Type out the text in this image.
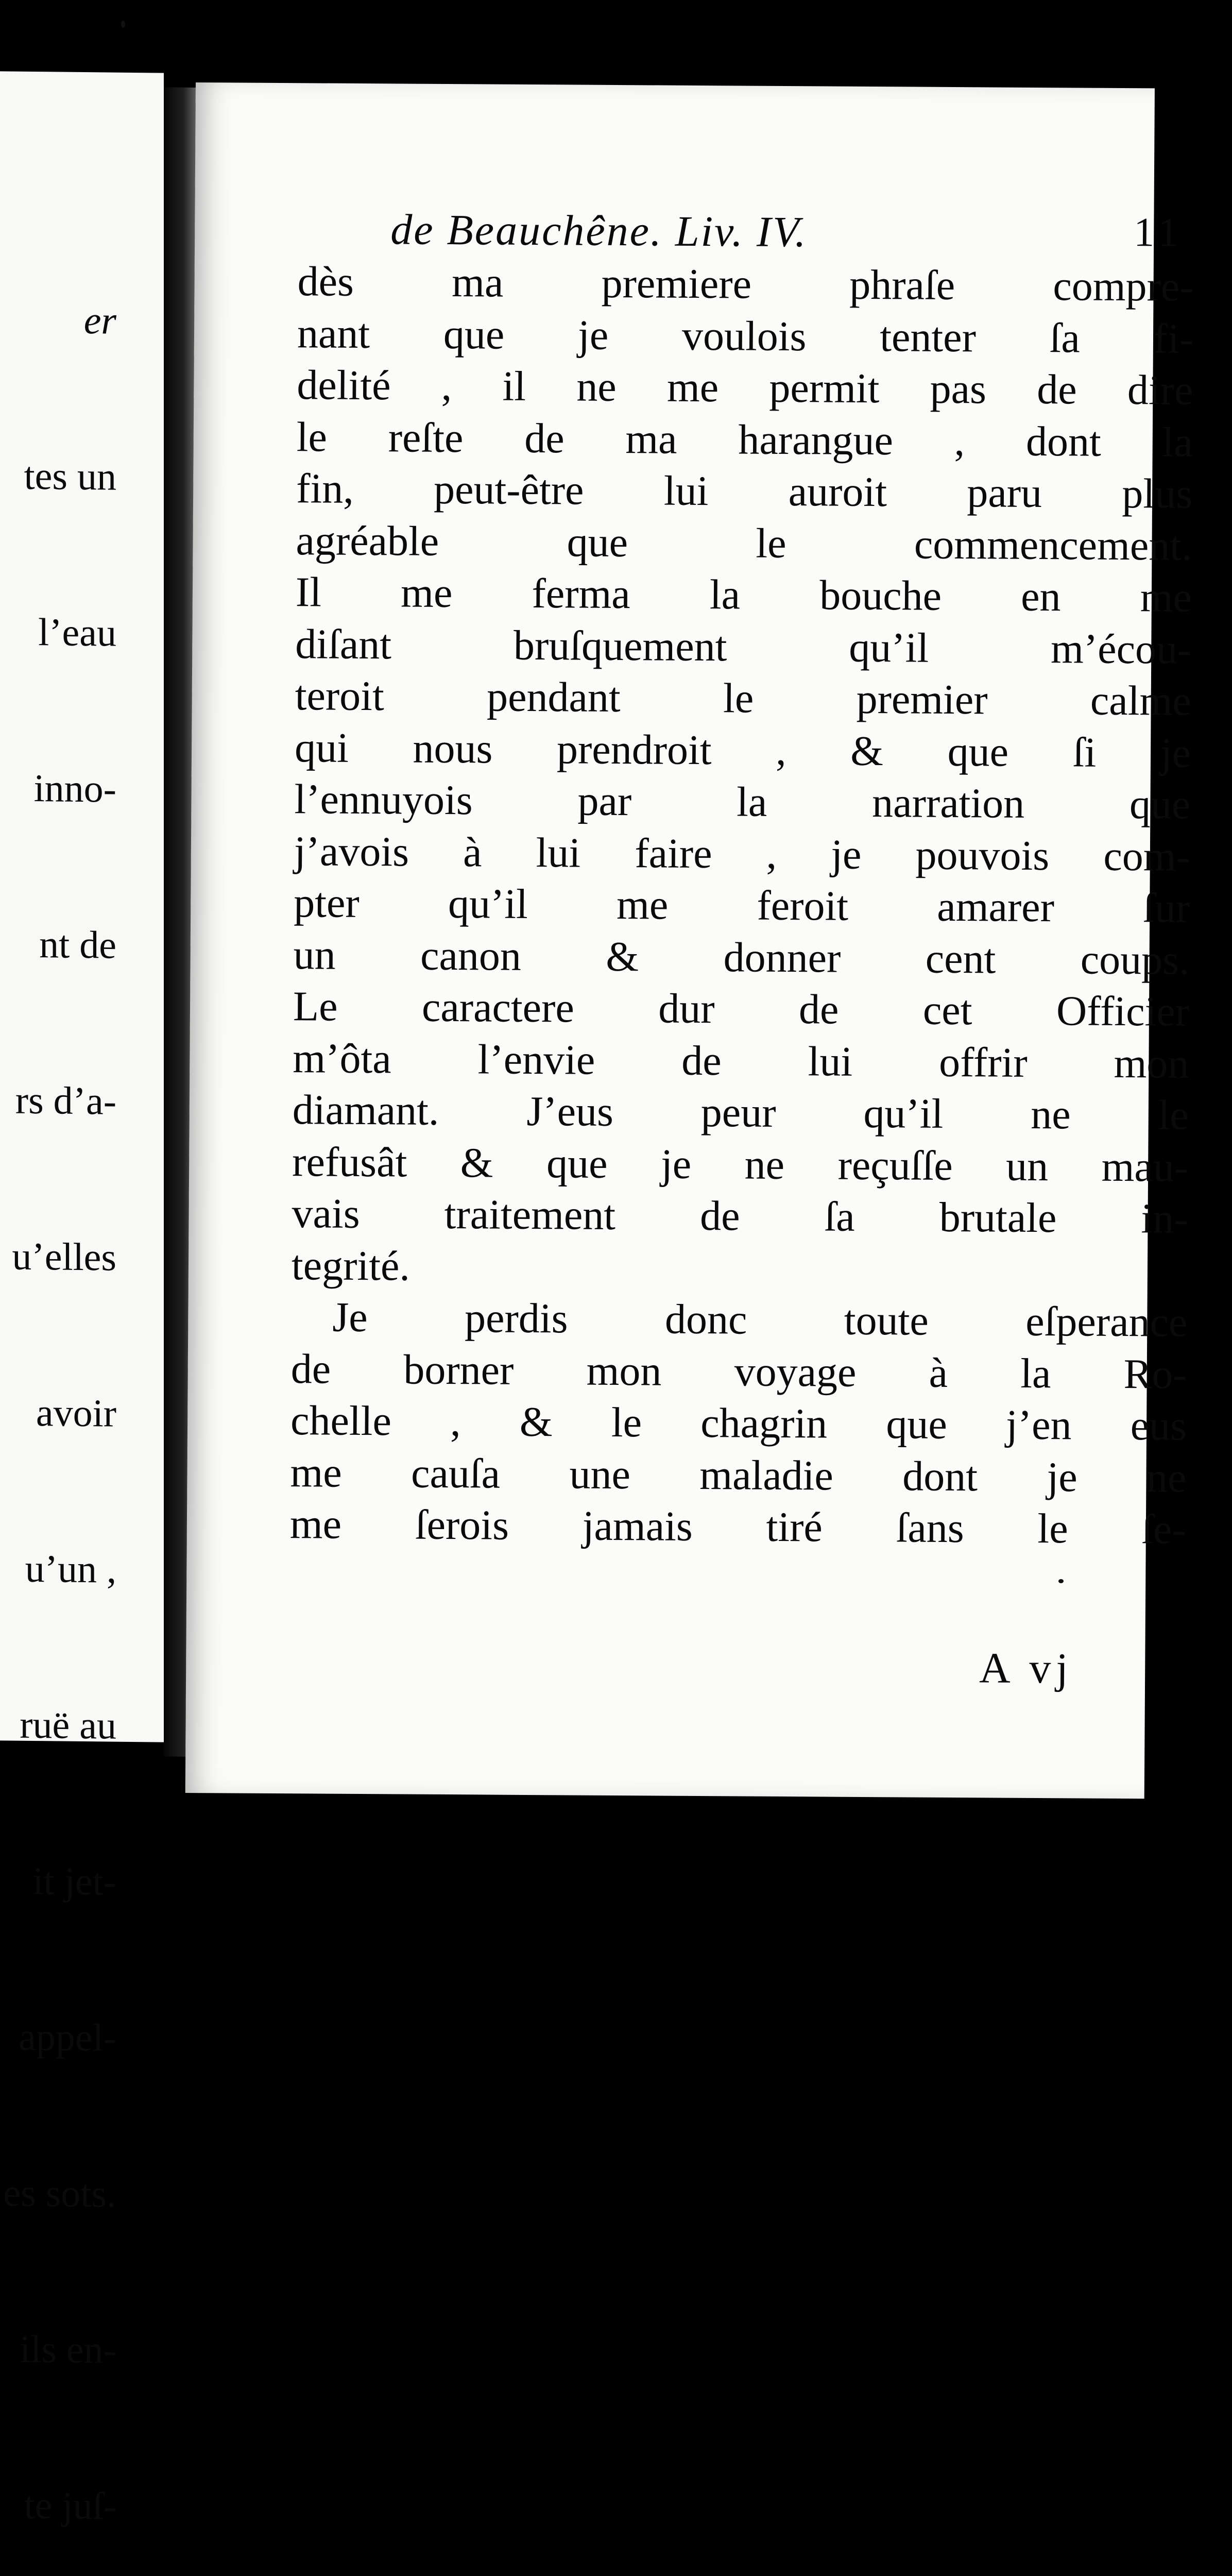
er

tes un

l’eau

inno-

nt de

rs d’a-

u’elles

avoir

u’un ,

ruë au

it jet-

appel-

es sots.

ils en-

te juſ-

de Beauchêne. Liv. IV.	11
dès ma premiere phraſe compre-
nant que je voulois tenter ſa fi-
delité , il ne me permit pas de dire
le reſte de ma harangue , dont la
fin, peut-être lui auroit paru plus
agréable que le commencement.
Il me ferma la bouche en me
diſant bruſquement qu’il m’écou-
teroit pendant le premier calme
qui nous prendroit , & que ſi je
l’ennuyois par la narration que
j’avois à lui faire , je pouvois com-
pter qu’il me feroit amarer ſur
un canon & donner cent coups.
Le caractere dur de cet Officier
m’ôta l’envie de lui offrir mon
diamant. J’eus peur qu’il ne le
refusât & que je ne reçuſſe un mau-
vais traitement de ſa brutale in-
tegrité.
Je perdis donc toute eſperance
de borner mon voyage à la Ro-
chelle , & le chagrin que j’en eus
me cauſa une maladie dont je ne
me ſerois jamais tiré ſans le ſe-
A vj
